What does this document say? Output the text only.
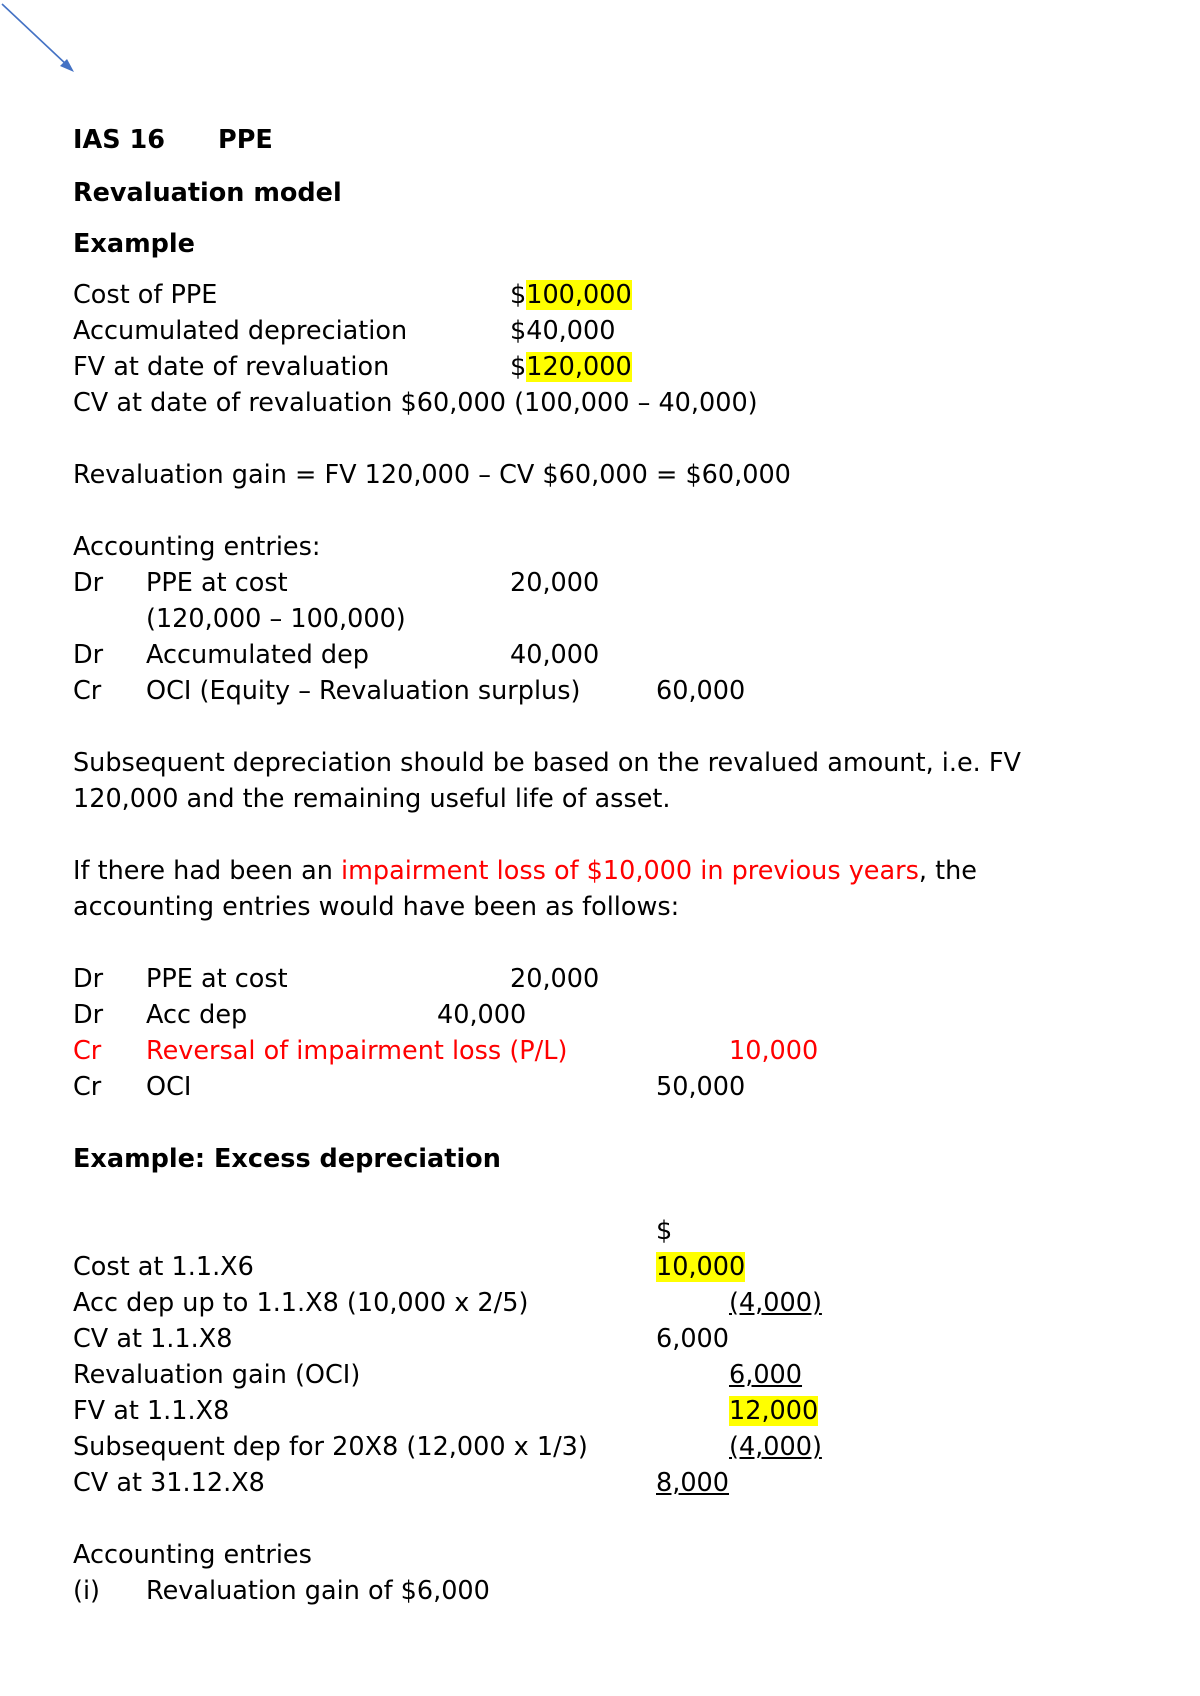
IAS 16 PPE
Revaluation model
Example
Cost of PPE	$100,000
Accumulated depreciation	$40,000
FV at date of revaluation	$120,000
CV at date of revaluation $60,000 (100,000 – 40,000)
Revaluation gain = FV 120,000 – CV $60,000 = $60,000
Accounting entries:
Dr PPE at cost	20,000
(120,000 – 100,000)
Dr Accumulated dep	40,000
Cr OCI (Equity – Revaluation surplus)	60,000
Subsequent depreciation should be based on the revalued amount, i.e. FV
120,000 and the remaining useful life of asset.
If there had been an impairment loss of $10,000 in previous years, the
accounting entries would have been as follows:
Dr PPE at cost	20,000
Dr Acc dep	40,000
Cr Reversal of impairment loss (P/L)	10,000
Cr OCI	50,000
Example: Excess depreciation
$
Cost at 1.1.X6	10,000
Acc dep up to 1.1.X8 (10,000 x 2/5)	(4,000)
CV at 1.1.X8	6,000
Revaluation gain (OCI)	6,000
FV at 1.1.X8	12,000
Subsequent dep for 20X8 (12,000 x 1/3)	(4,000)
CV at 31.12.X8	8,000
Accounting entries
(i) Revaluation gain of $6,000
